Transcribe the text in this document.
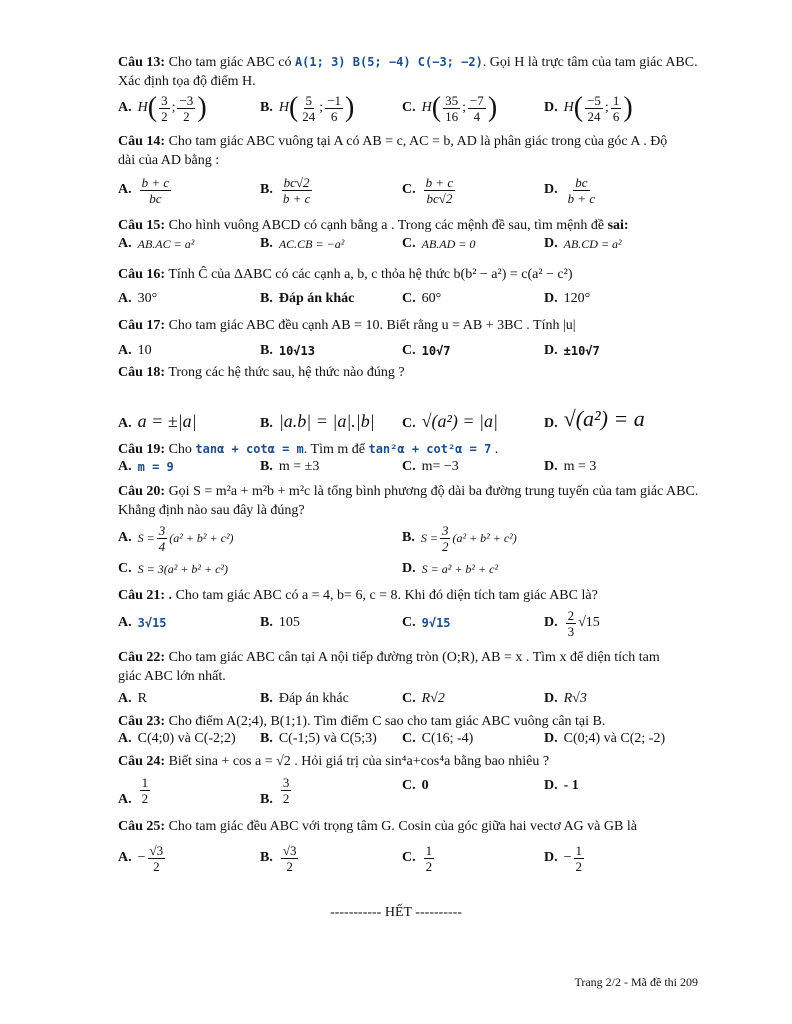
Câu 13: Cho tam giác ABC có A(1; 3) B(5; −4) C(−3; −2). Gọi H là trực tâm của tam giác ABC.
Xác định tọa độ điểm H.
A. H ( $\frac{3}{2}$ ; $\frac{-3}{2}$ )	B. H ( $\frac{5}{24}$ ; $\frac{-1}{6}$ )	C. H ( $\frac{35}{16}$ ; $\frac{-7}{4}$ )	D. H ( $\frac{-5}{24}$ ; $\frac{1}{6}$ )
Câu 14: Cho tam giác ABC vuông tại A có AB = c, AC = b, AD là phân giác trong của góc A . Độ
dài của AD bằng :
A. $\frac{b + c}{bc}$	B. $\frac{bc√2}{b + c}$	C. $\frac{b + c}{bc√2}$	D. $\frac{bc}{b + c}$
Câu 15: Cho hình vuông ABCD có cạnh bằng a . Trong các mệnh đề sau, tìm mệnh đề sai:
A. AB.AC = a²	B. AC.CB = −a²	C. AB.AD = 0	D. AB.CD = a²
Câu 16: Tính Ĉ của ΔABC có các cạnh a, b, c thỏa hệ thức b(b² − a²) = c(a² − c²)
A. 30°	B. Đáp án khác	C. 60°	D. 120°
Câu 17: Cho tam giác ABC đều cạnh AB = 10. Biết rằng u = AB + 3BC . Tính |u|
A. 10	B. 10√13	C. 10√7	D. ±10√7
Câu 18: Trong các hệ thức sau, hệ thức nào đúng ?
A. a = ±|a|	B. |a.b| = |a|.|b| C. √(a²) = |a|	D. √(a²) = a
Câu 19: Cho tanα + cotα = m. Tìm m để tan²α + cot²α = 7 .
A. m = 9	B. m = ±3	C. m= −3	D. m = 3
Câu 20: Gọi S = m²a + m²b + m²c là tổng bình phương độ dài ba đường trung tuyến của tam giác ABC.
Khẳng định nào sau đây là đúng?
A. $S = \frac{3}{4} (a^2 + b^2 + c^2)$	B. $S = \frac{3}{2} (a^2 + b^2 + c^2)$
C. S = 3(a² + b² + c²)	D. S = a² + b² + c²
Câu 21: . Cho tam giác ABC có a = 4, b= 6, c = 8. Khi đó diện tích tam giác ABC là?
A. 3√15	B. 105	C. 9√15	D. $\frac{2}{3} √15$
Câu 22: Cho tam giác ABC cân tại A nội tiếp đường tròn (O;R), AB = x . Tìm x để diện tích tam
giác ABC lớn nhất.
A. R	B. Đáp án khác	C. R√2	D. R√3
Câu 23: Cho điểm A(2;4), B(1;1). Tìm điểm C sao cho tam giác ABC vuông cân tại B.
A. C(4;0) và C(-2;2) B. C(-1;5) và C(5;3) C. C(16; -4)	D. C(0;4) và C(2; -2)
Câu 24: Biết sina + cos a = √2 . Hỏi giá trị của sin⁴a+cos⁴a bằng bao nhiêu ?
A. $\frac{1}{2}$	B. $\frac{3}{2}$	C. 0	D. - 1
Câu 25: Cho tam giác đều ABC với trọng tâm G. Cosin của góc giữa hai vectơ AG và GB là
A. − $\frac{√3}{2}$	B. $\frac{√3}{2}$	C. $\frac{1}{2}$	D. − $\frac{1}{2}$
----------- HẾT ----------
Trang 2/2 - Mã đề thi 209
